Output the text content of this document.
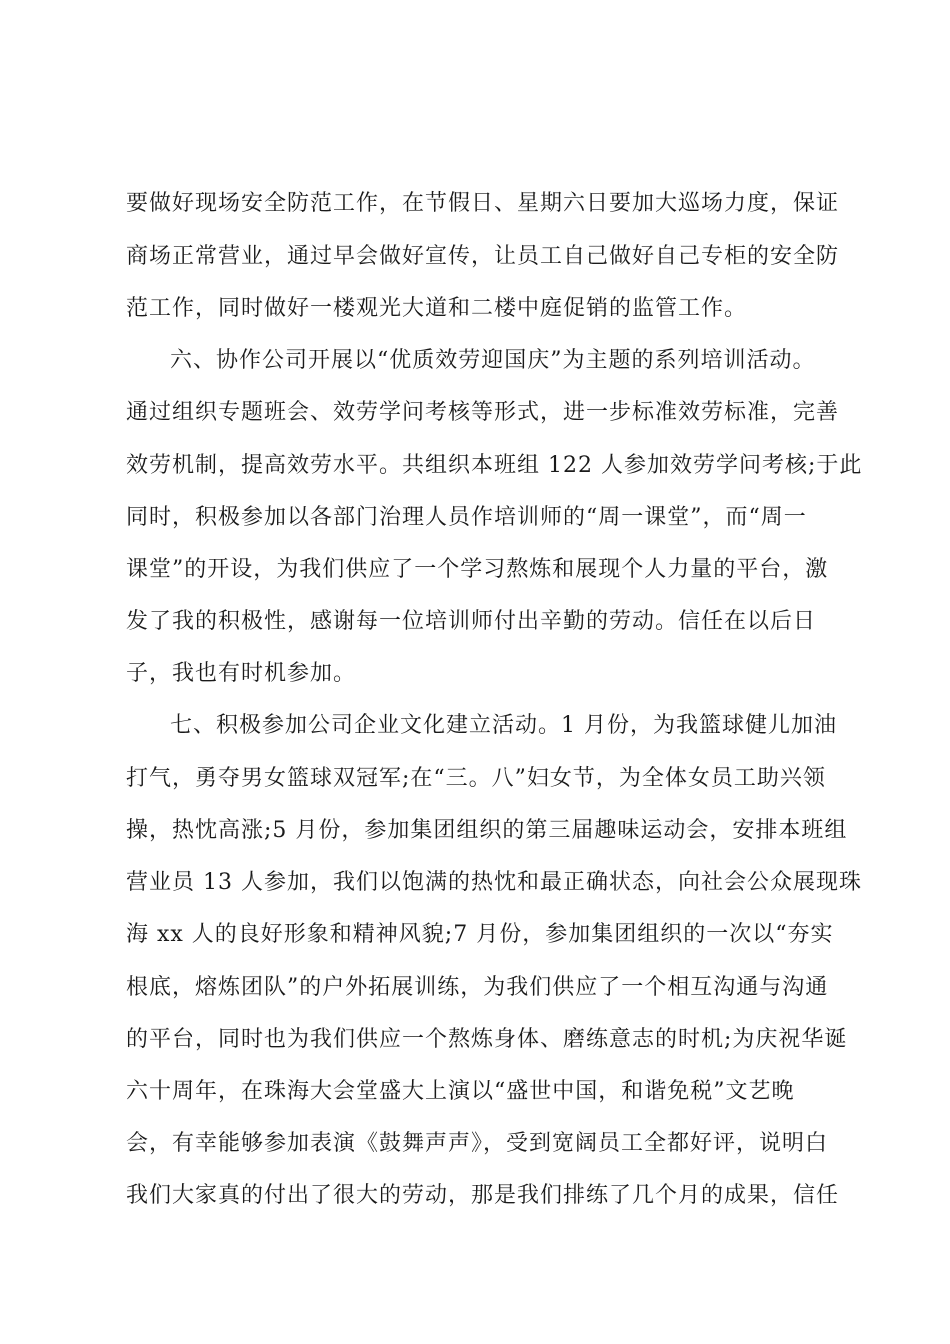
要做好现场安全防范工作，在节假日、星期六日要加大巡场力度，保证
商场正常营业，通过早会做好宣传，让员工自己做好自己专柜的安全防
范工作，同时做好一楼观光大道和二楼中庭促销的监管工作。
六、协作公司开展以“优质效劳迎国庆”为主题的系列培训活动。
通过组织专题班会、效劳学问考核等形式，进一步标准效劳标准，完善
效劳机制，提高效劳水平。共组织本班组 122 人参加效劳学问考核;于此
同时，积极参加以各部门治理人员作培训师的“周一课堂”，而“周一
课堂”的开设，为我们供应了一个学习熬炼和展现个人力量的平台，激
发了我的积极性，感谢每一位培训师付出辛勤的劳动。信任在以后日
子，我也有时机参加。
七、积极参加公司企业文化建立活动。1 月份，为我篮球健儿加油
打气，勇夺男女篮球双冠军;在“三。八”妇女节，为全体女员工助兴领
操，热忱高涨;5 月份，参加集团组织的第三届趣味运动会，安排本班组
营业员 13 人参加，我们以饱满的热忱和最正确状态，向社会公众展现珠
海 xx 人的良好形象和精神风貌;7 月份，参加集团组织的一次以“夯实
根底，熔炼团队”的户外拓展训练，为我们供应了一个相互沟通与沟通
的平台，同时也为我们供应一个熬炼身体、磨练意志的时机;为庆祝华诞
六十周年，在珠海大会堂盛大上演以“盛世中国，和谐免税”文艺晚
会，有幸能够参加表演《鼓舞声声》，受到宽阔员工全都好评，说明白
我们大家真的付出了很大的劳动，那是我们排练了几个月的成果，信任
